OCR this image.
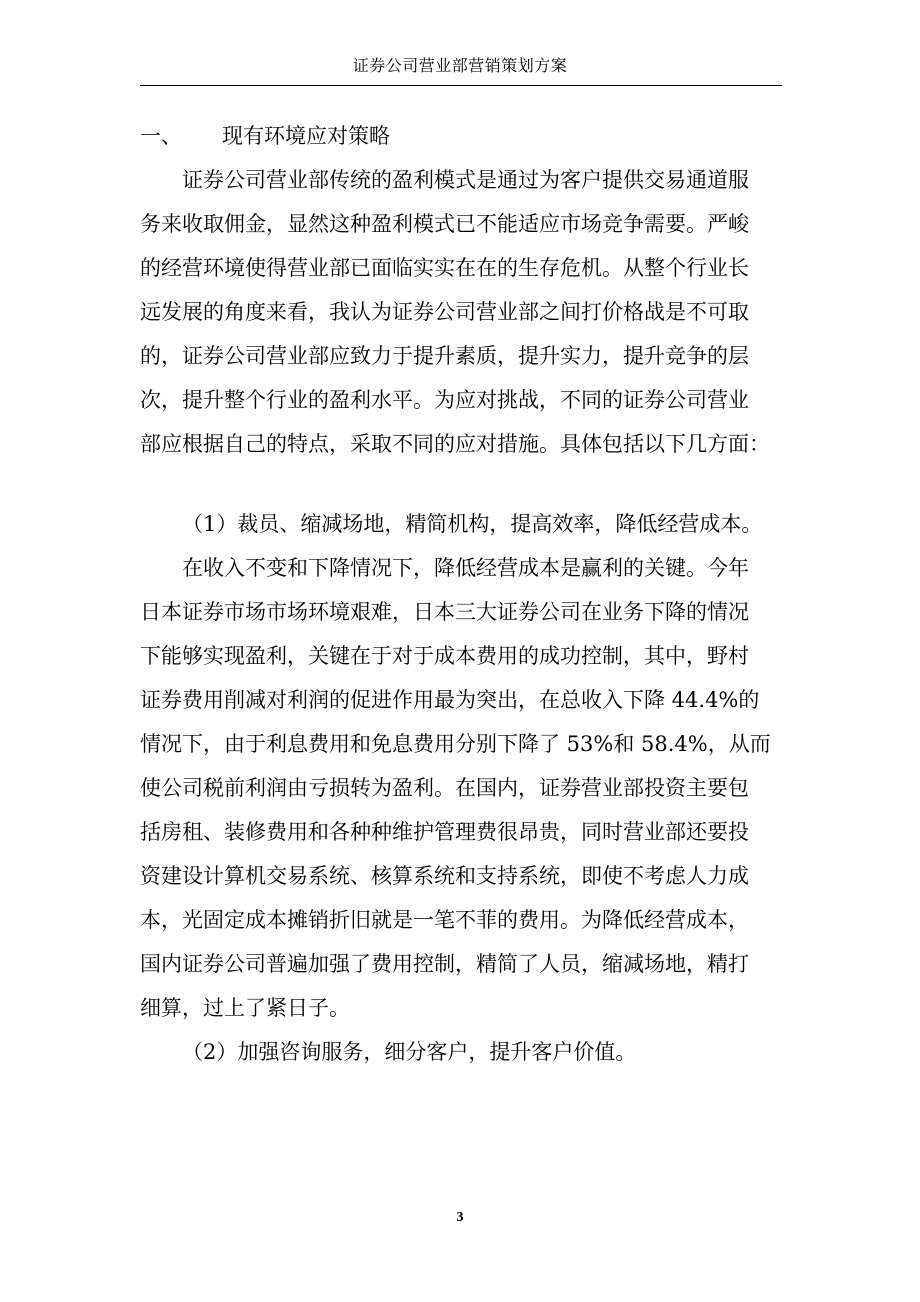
证券公司营业部营销策划方案
一、 现有环境应对策略
证券公司营业部传统的盈利模式是通过为客户提供交易通道服
务来收取佣金，显然这种盈利模式已不能适应市场竞争需要。严峻
的经营环境使得营业部已面临实实在在的生存危机。从整个行业长
远发展的角度来看，我认为证券公司营业部之间打价格战是不可取
的，证券公司营业部应致力于提升素质，提升实力，提升竞争的层
次，提升整个行业的盈利水平。为应对挑战，不同的证券公司营业
部应根据自己的特点，采取不同的应对措施。具体包括以下几方面：
（1）裁员、缩减场地，精简机构，提高效率，降低经营成本。
在收入不变和下降情况下，降低经营成本是赢利的关键。今年
日本证券市场市场环境艰难，日本三大证券公司在业务下降的情况
下能够实现盈利，关键在于对于成本费用的成功控制，其中，野村
证券费用削减对利润的促进作用最为突出，在总收入下降 44.4%的
情况下，由于利息费用和免息费用分别下降了 53%和 58.4%，从而
使公司税前利润由亏损转为盈利。在国内，证券营业部投资主要包
括房租、装修费用和各种种维护管理费很昂贵，同时营业部还要投
资建设计算机交易系统、核算系统和支持系统，即使不考虑人力成
本，光固定成本摊销折旧就是一笔不菲的费用。为降低经营成本，
国内证券公司普遍加强了费用控制，精简了人员，缩减场地，精打
细算，过上了紧日子。
（2）加强咨询服务，细分客户，提升客户价值。
3
